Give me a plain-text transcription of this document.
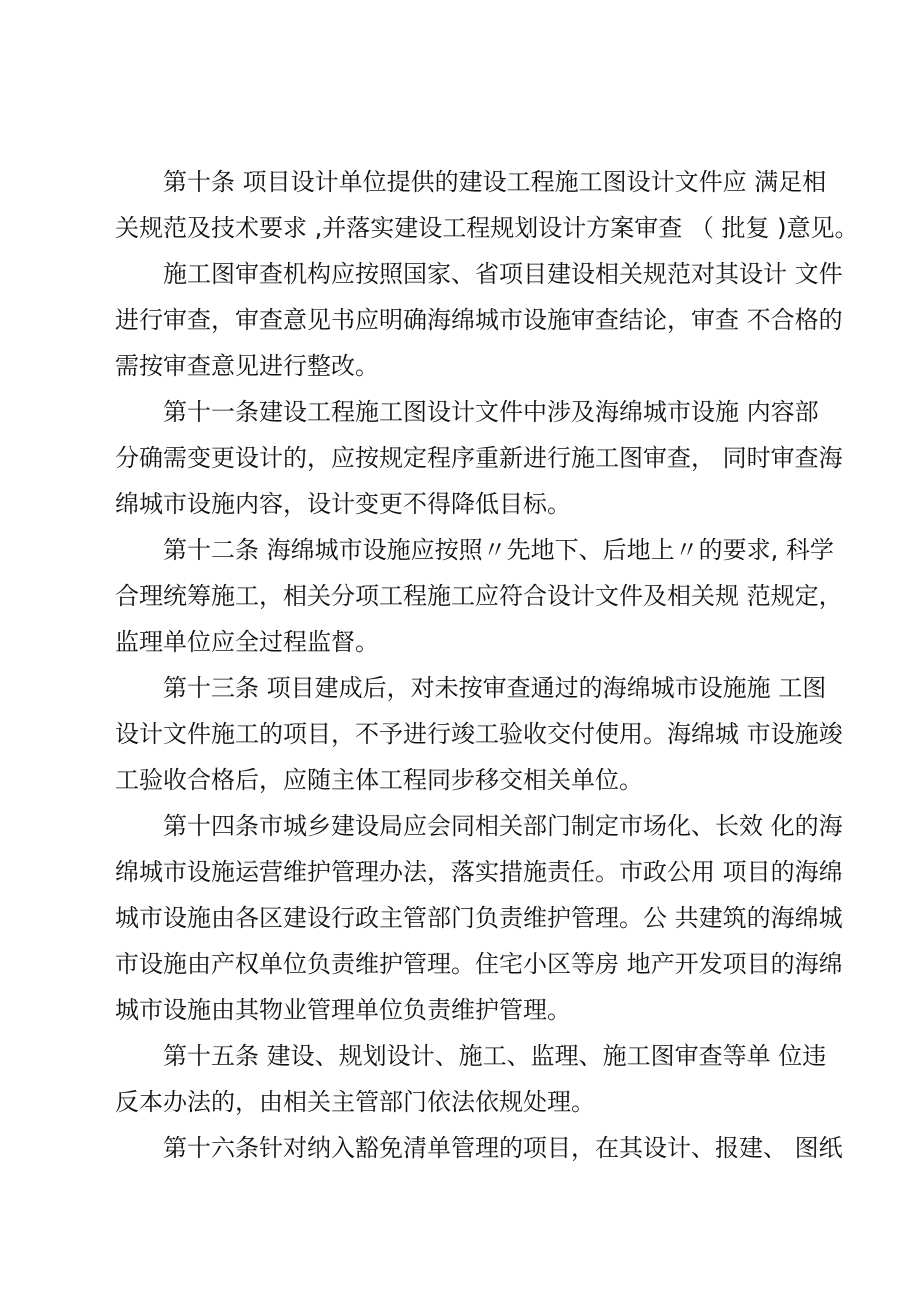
第十条 项目设计单位提供的建设工程施工图设计文件应 满足相
关规范及技术要求 ,并落实建设工程规划设计方案审查 （ 批复 )意见。
施工图审查机构应按照国家、省项目建设相关规范对其设计 文件
进行审查，审查意见书应明确海绵城市设施审查结论，审查 不合格的
需按审查意见进行整改。
第十一条建设工程施工图设计文件中涉及海绵城市设施 内容部
分确需变更设计的，应按规定程序重新进行施工图审查， 同时审查海
绵城市设施内容，设计变更不得降低目标。
第十二条 海绵城市设施应按照〃先地下、后地上〃的要求, 科学
合理统筹施工，相关分项工程施工应符合设计文件及相关规 范规定，
监理单位应全过程监督。
第十三条 项目建成后，对未按审查通过的海绵城市设施施 工图
设计文件施工的项目，不予进行竣工验收交付使用。海绵城 市设施竣
工验收合格后，应随主体工程同步移交相关单位。
第十四条市城乡建设局应会同相关部门制定市场化、长效 化的海
绵城市设施运营维护管理办法，落实措施责任。市政公用 项目的海绵
城市设施由各区建设行政主管部门负责维护管理。公 共建筑的海绵城
市设施由产权单位负责维护管理。住宅小区等房 地产开发项目的海绵
城市设施由其物业管理单位负责维护管理。
第十五条 建设、规划设计、施工、监理、施工图审查等单 位违
反本办法的，由相关主管部门依法依规处理。
第十六条针对纳入豁免清单管理的项目，在其设计、报建、 图纸
